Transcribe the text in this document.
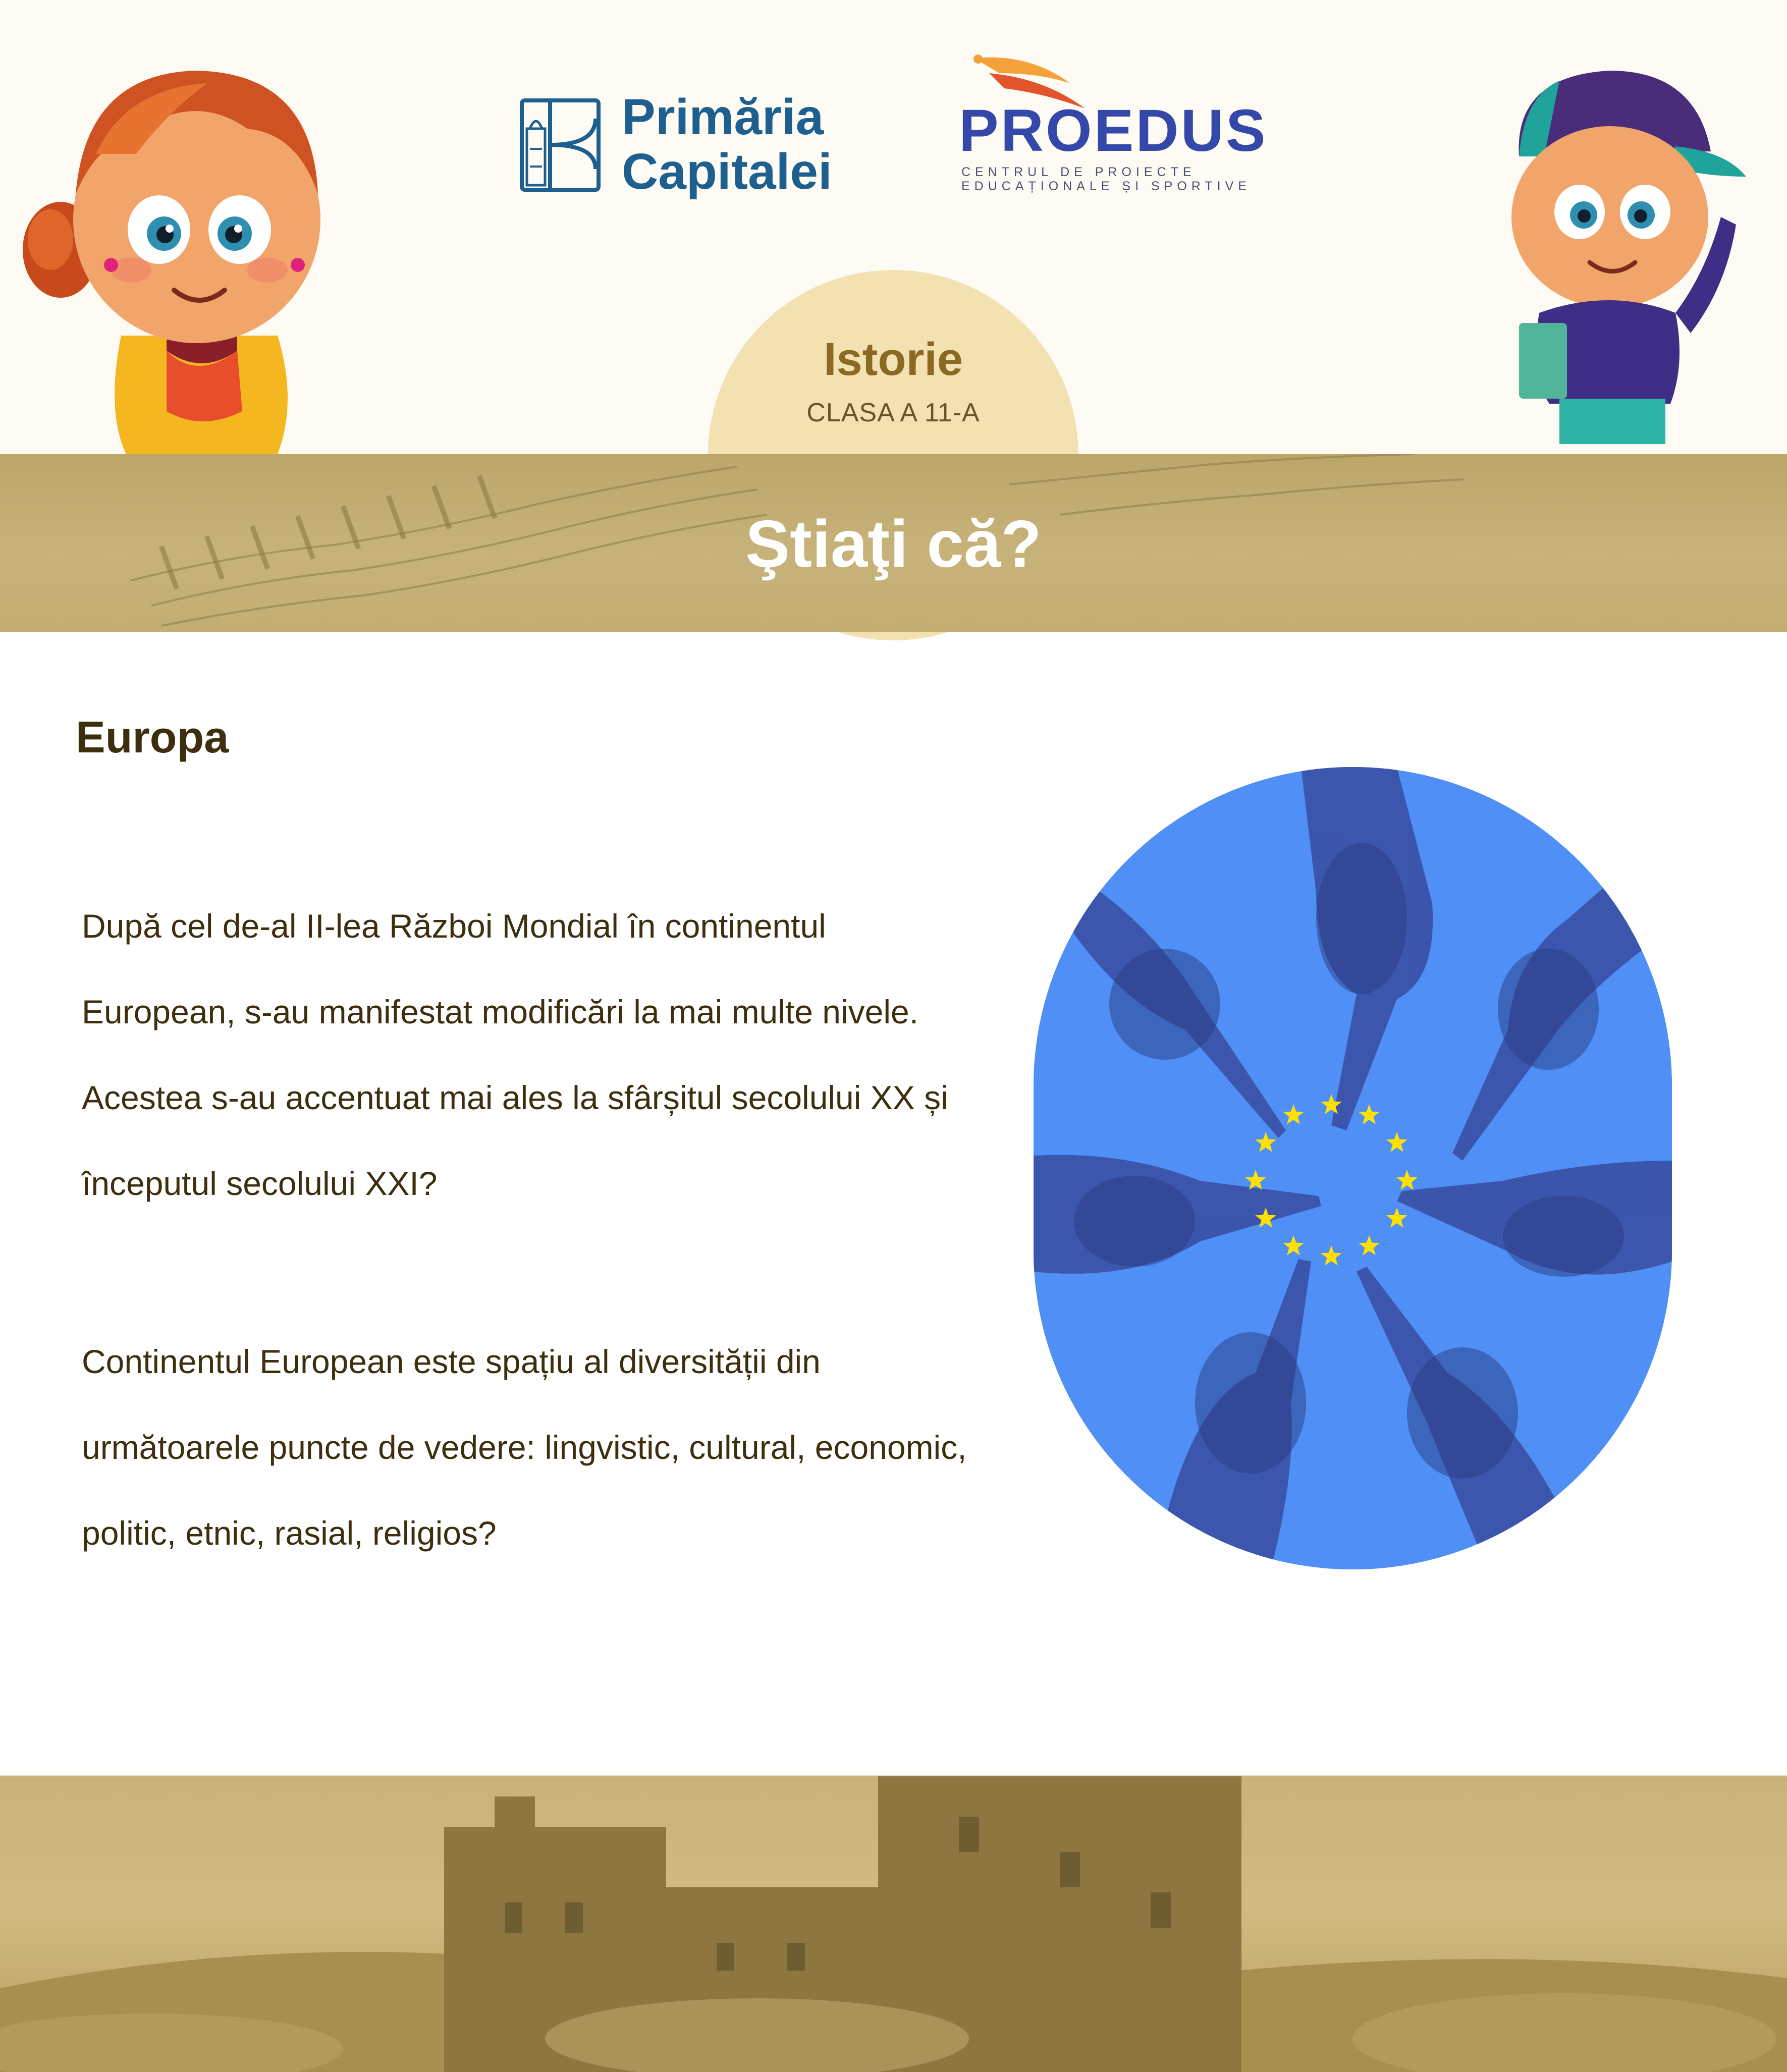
Primăria
Capitalei
PROEDUS
CENTRUL DE PROIECTE
EDUCAȚIONALE ȘI SPORTIVE
Ştiaţi că?
Istorie
CLASA A 11-A
Europa
După cel de-al II-lea Război Mondial în continentul European, s-au manifestat modificări la mai multe nivele. Acestea s-au accentuat mai ales la sfârșitul secolului XX și începutul secolului XXI?
Continentul European este spațiu al diversității din următoarele puncte de vedere: lingvistic, cultural, economic, politic, etnic, rasial, religios?
